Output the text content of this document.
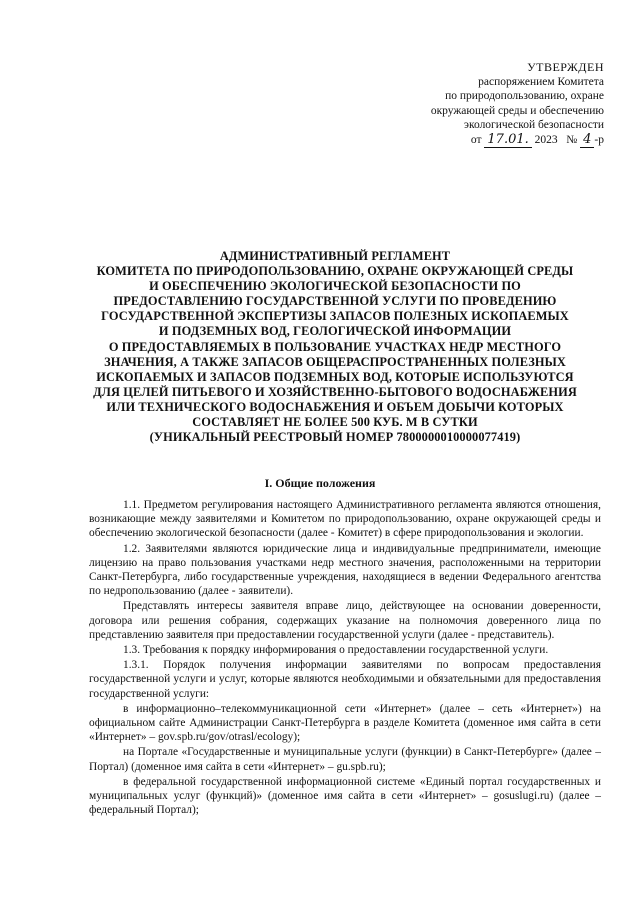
УТВЕРЖДЕН
распоряжением Комитета
по природопользованию, охране
окружающей среды и обеспечению
экологической безопасности
от 17.01. 2023 № 4 -р
АДМИНИСТРАТИВНЫЙ РЕГЛАМЕНТ
КОМИТЕТА ПО ПРИРОДОПОЛЬЗОВАНИЮ, ОХРАНЕ ОКРУЖАЮЩЕЙ СРЕДЫ
И ОБЕСПЕЧЕНИЮ ЭКОЛОГИЧЕСКОЙ БЕЗОПАСНОСТИ ПО
ПРЕДОСТАВЛЕНИЮ ГОСУДАРСТВЕННОЙ УСЛУГИ ПО ПРОВЕДЕНИЮ
ГОСУДАРСТВЕННОЙ ЭКСПЕРТИЗЫ ЗАПАСОВ ПОЛЕЗНЫХ ИСКОПАЕМЫХ
И ПОДЗЕМНЫХ ВОД, ГЕОЛОГИЧЕСКОЙ ИНФОРМАЦИИ
О ПРЕДОСТАВЛЯЕМЫХ В ПОЛЬЗОВАНИЕ УЧАСТКАХ НЕДР МЕСТНОГО
ЗНАЧЕНИЯ, А ТАКЖЕ ЗАПАСОВ ОБЩЕРАСПРОСТРАНЕННЫХ ПОЛЕЗНЫХ
ИСКОПАЕМЫХ И ЗАПАСОВ ПОДЗЕМНЫХ ВОД, КОТОРЫЕ ИСПОЛЬЗУЮТСЯ
ДЛЯ ЦЕЛЕЙ ПИТЬЕВОГО И ХОЗЯЙСТВЕННО-БЫТОВОГО ВОДОСНАБЖЕНИЯ
ИЛИ ТЕХНИЧЕСКОГО ВОДОСНАБЖЕНИЯ И ОБЪЕМ ДОБЫЧИ КОТОРЫХ
СОСТАВЛЯЕТ НЕ БОЛЕЕ 500 КУБ. М В СУТКИ
(УНИКАЛЬНЫЙ РЕЕСТРОВЫЙ НОМЕР 7800000010000077419)
I. Общие положения

1.1. Предметом регулирования настоящего Административного регламента являются отношения, возникающие между заявителями и Комитетом по природопользованию, охране окружающей среды и обеспечению экологической безопасности (далее - Комитет) в сфере природопользования и экологии.

1.2. Заявителями являются юридические лица и индивидуальные предприниматели, имеющие лицензию на право пользования участками недр местного значения, расположенными на территории Санкт-Петербурга, либо государственные учреждения, находящиеся в ведении Федерального агентства по недропользованию (далее - заявители).

Представлять интересы заявителя вправе лицо, действующее на основании доверенности, договора или решения собрания, содержащих указание на полномочия доверенного лица по представлению заявителя при предоставлении государственной услуги (далее - представитель).

1.3. Требования к порядку информирования о предоставлении государственной услуги.

1.3.1. Порядок получения информации заявителями по вопросам предоставления государственной услуги и услуг, которые являются необходимыми и обязательными для предоставления государственной услуги:

в информационно–телекоммуникационной сети «Интернет» (далее – сеть «Интернет») на официальном сайте Администрации Санкт-Петербурга в разделе Комитета (доменное имя сайта в сети «Интернет» – gov.spb.ru/gov/otrasl/ecology);

на Портале «Государственные и муниципальные услуги (функции) в Санкт-Петербурге» (далее – Портал) (доменное имя сайта в сети «Интернет» – gu.spb.ru);

в федеральной государственной информационной системе «Единый портал государственных и муниципальных услуг (функций)» (доменное имя сайта в сети «Интернет» – gosuslugi.ru) (далее – федеральный Портал);
